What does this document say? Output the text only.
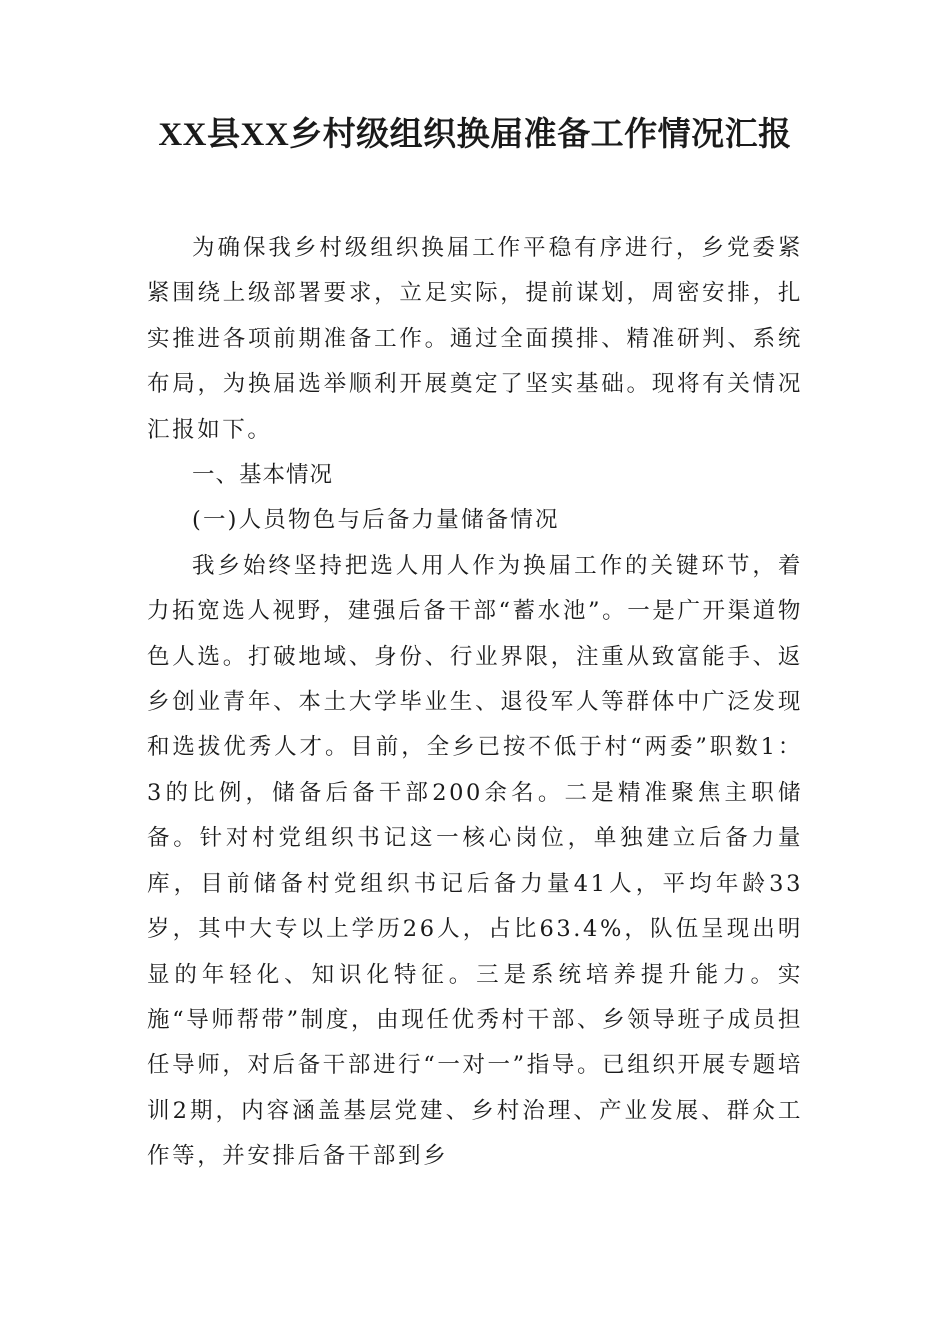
XX县XX乡村级组织换届准备工作情况汇报

为确保我乡村级组织换届工作平稳有序进行，乡党委紧紧围绕上级部署要求，立足实际，提前谋划，周密安排，扎实推进各项前期准备工作。通过全面摸排、精准研判、系统布局，为换届选举顺利开展奠定了坚实基础。现将有关情况汇报如下。

一、基本情况

(一)人员物色与后备力量储备情况

我乡始终坚持把选人用人作为换届工作的关键环节，着力拓宽选人视野，建强后备干部“蓄水池”。一是广开渠道物色人选。打破地域、身份、行业界限，注重从致富能手、返乡创业青年、本土大学毕业生、退役军人等群体中广泛发现和选拔优秀人才。目前，全乡已按不低于村“两委”职数1：3的比例，储备后备干部200余名。二是精准聚焦主职储备。针对村党组织书记这一核心岗位，单独建立后备力量库，目前储备村党组织书记后备力量41人，平均年龄33岁，其中大专以上学历26人，占比63.4%，队伍呈现出明显的年轻化、知识化特征。三是系统培养提升能力。实施“导师帮带”制度，由现任优秀村干部、乡领导班子成员担任导师，对后备干部进行“一对一”指导。已组织开展专题培训2期，内容涵盖基层党建、乡村治理、产业发展、群众工作等，并安排后备干部到乡
